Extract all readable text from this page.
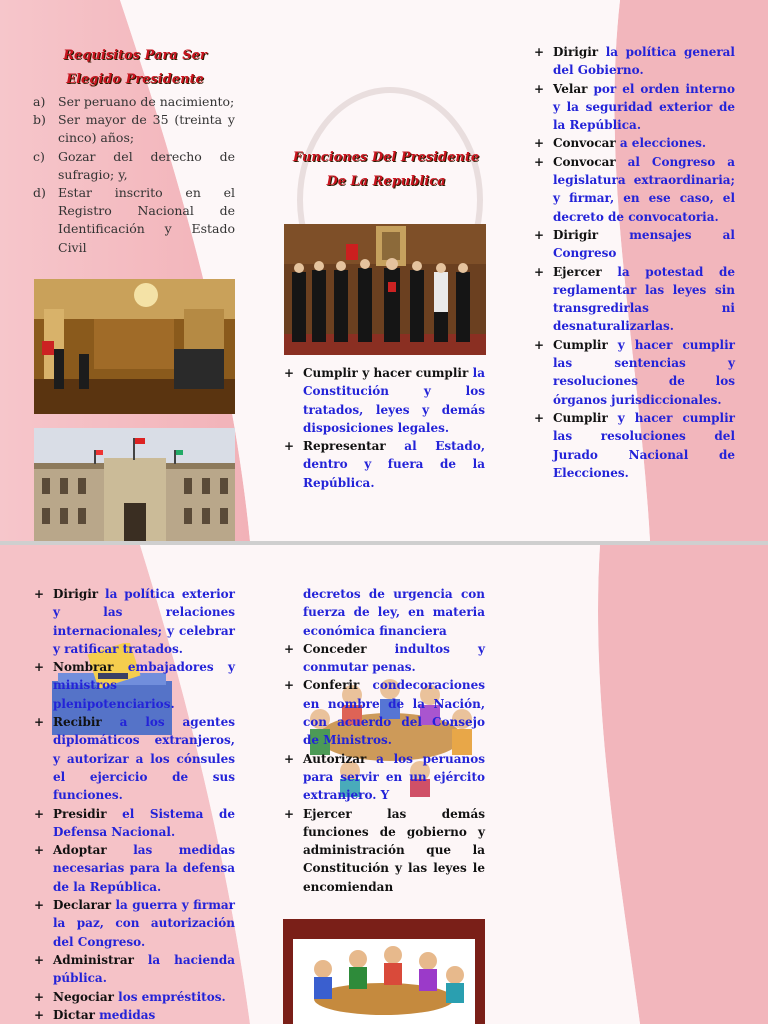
Requisitos Para Ser Elegido Presidente
a) Ser peruano de nacimiento;
b) Ser mayor de 35 (treinta y cinco) años;
c) Gozar del derecho de sufragio; y,
d) Estar inscrito en el Registro Nacional de Identificación y Estado Civil
Funciones Del Presidente De La Republica
+ Cumplir y hacer cumplir la Constitución y los tratados, leyes y demás disposiciones legales.
+ Representar al Estado, dentro y fuera de la República.
+ Dirigir la política general del Gobierno.
+ Velar por el orden interno y la seguridad exterior de la República.
+ Convocar a elecciones.
+ Convocar al Congreso a legislatura extraordinaria; y firmar, en ese caso, el decreto de convocatoria.
+ Dirigir mensajes al Congreso
+ Ejercer la potestad de reglamentar las leyes sin transgredirlas ni desnaturalizarlas.
+ Cumplir y hacer cumplir las sentencias y resoluciones de los órganos jurisdiccionales.
+ Cumplir y hacer cumplir las resoluciones del Jurado Nacional de Elecciones.
+ Dirigir la política exterior y las relaciones internacionales; y celebrar y ratificar tratados.
+ Nombrar embajadores y ministros plenipotenciarios.
+ Recibir a los agentes diplomáticos extranjeros, y autorizar a los cónsules el ejercicio de sus funciones.
+ Presidir el Sistema de Defensa Nacional.
+ Adoptar las medidas necesarias para la defensa de la República.
+ Declarar la guerra y firmar la paz, con autorización del Congreso.
+ Administrar la hacienda pública.
+ Negociar los empréstitos.
+ Dictar medidas
decretos de urgencia con fuerza de ley, en materia económica financiera
+ Conceder indultos y conmutar penas.
+ Conferir condecoraciones en nombre de la Nación, con acuerdo del Consejo de Ministros.
+ Autorizar a los peruanos para servir en un ejército extranjero. Y
+ Ejercer las demás funciones de gobierno y administración que la Constitución y las leyes le encomiendan
